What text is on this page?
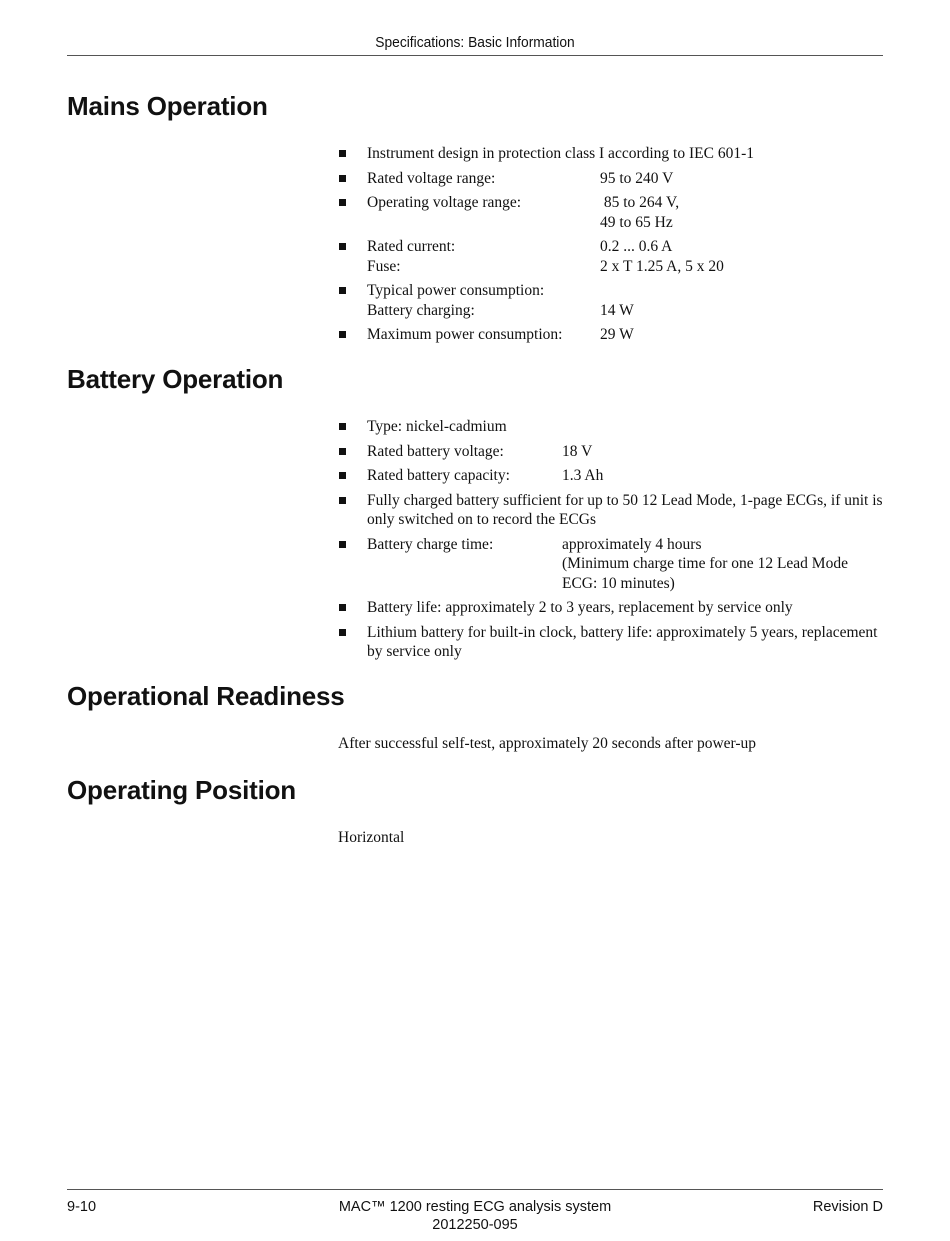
Specifications: Basic Information
Mains Operation
Instrument design in protection class I according to IEC 601-1
Rated voltage range:	95 to 240 V
Operating voltage range:	85 to 264 V,
49 to 65 Hz
Rated current:	0.2 ... 0.6 A
Fuse:	2 x T 1.25 A, 5 x 20
Typical power consumption:
Battery charging:	14 W
Maximum power consumption:	29 W
Battery Operation
Type: nickel-cadmium
Rated battery voltage:	18 V
Rated battery capacity:	1.3 Ah
Fully charged battery sufficient for up to 50 12 Lead Mode, 1-page ECGs, if unit is only switched on to record the ECGs
Battery charge time:	approximately 4 hours
(Minimum charge time for one 12 Lead Mode ECG: 10 minutes)
Battery life: approximately 2 to 3 years, replacement by service only
Lithium battery for built-in clock, battery life: approximately 5 years, replacement by service only
Operational Readiness

After successful self-test, approximately 20 seconds after power-up

Operating Position

Horizontal

9-10	MAC™ 1200 resting ECG analysis system
2012250-095
Revision D
